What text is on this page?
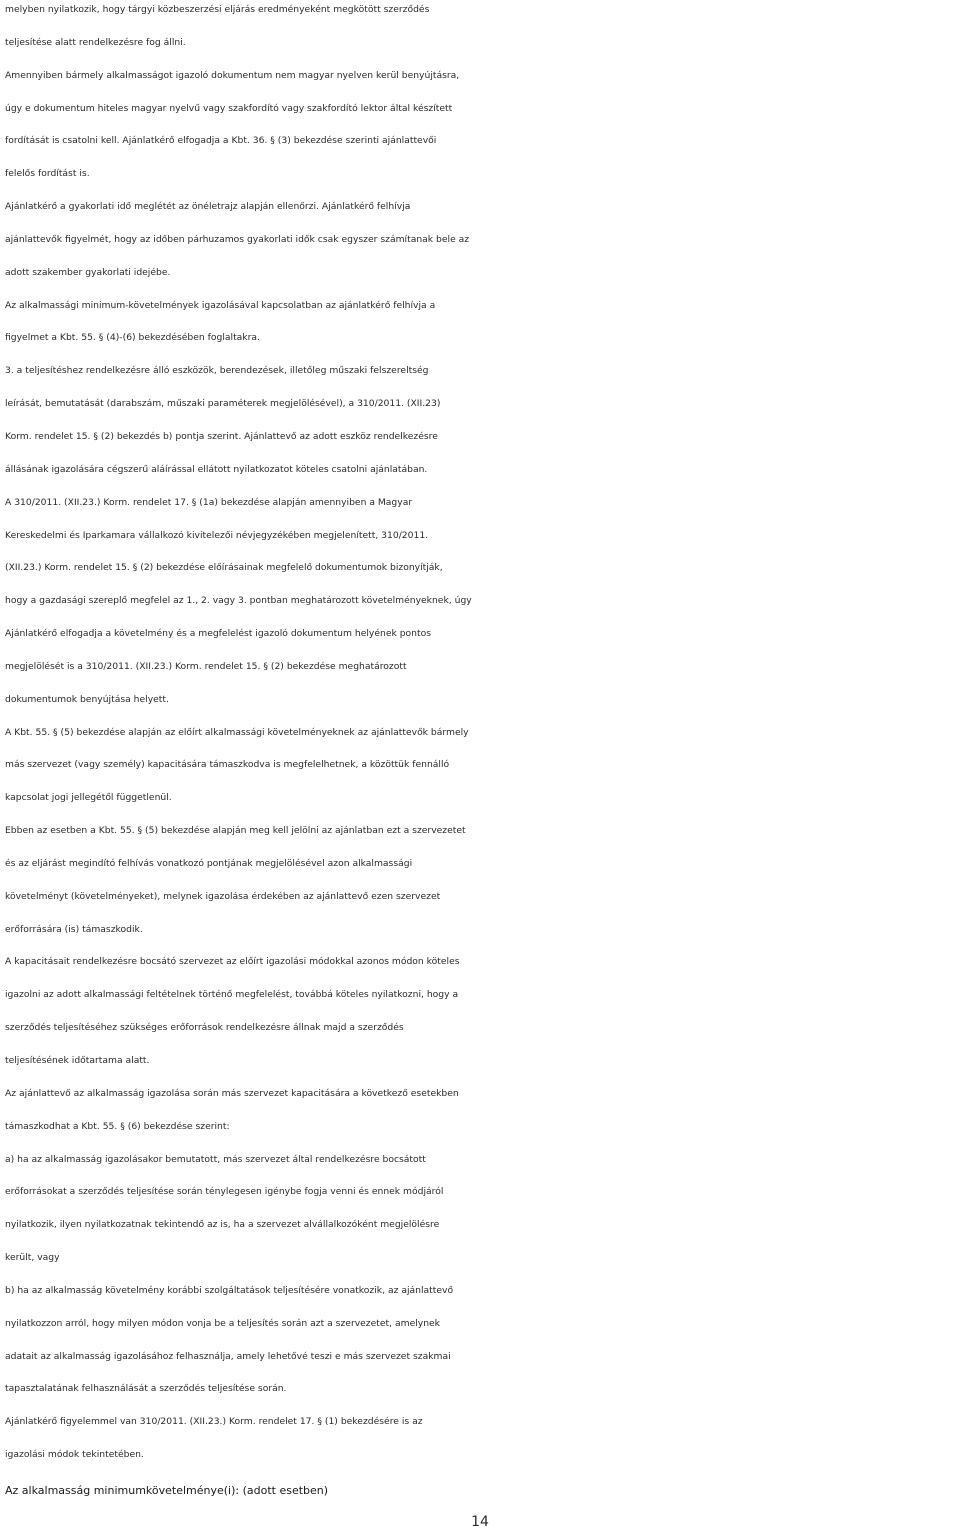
melyben nyilatkozik, hogy tárgyi közbeszerzési eljárás eredményeként megkötött szerződés
teljesítése alatt rendelkezésre fog állni.
Amennyiben bármely alkalmasságot igazoló dokumentum nem magyar nyelven kerül benyújtásra,
úgy e dokumentum hiteles magyar nyelvű vagy szakfordító vagy szakfordító lektor által készített
fordítását is csatolni kell. Ajánlatkérő elfogadja a Kbt. 36. § (3) bekezdése szerinti ajánlattevői
felelős fordítást is.
Ajánlatkérő a gyakorlati idő meglétét az önéletrajz alapján ellenőrzi. Ajánlatkérő felhívja
ajánlattevők figyelmét, hogy az időben párhuzamos gyakorlati idők csak egyszer számítanak bele az
adott szakember gyakorlati idejébe.
Az alkalmassági minimum-követelmények igazolásával kapcsolatban az ajánlatkérő felhívja a
figyelmet a Kbt. 55. § (4)-(6) bekezdésében foglaltakra.
3. a teljesítéshez rendelkezésre álló eszközök, berendezések, illetőleg műszaki felszereltség
leírását, bemutatását (darabszám, műszaki paraméterek megjelölésével), a 310/2011. (XII.23)
Korm. rendelet 15. § (2) bekezdés b) pontja szerint. Ajánlattevő az adott eszköz rendelkezésre
állásának igazolására cégszerű aláírással ellátott nyilatkozatot köteles csatolni ajánlatában.
A 310/2011. (XII.23.) Korm. rendelet 17. § (1a) bekezdése alapján amennyiben a Magyar
Kereskedelmi és Iparkamara vállalkozó kivitelezői névjegyzékében megjelenített, 310/2011.
(XII.23.) Korm. rendelet 15. § (2) bekezdése előírásainak megfelelő dokumentumok bizonyítják,
hogy a gazdasági szereplő megfelel az 1., 2. vagy 3. pontban meghatározott követelményeknek, úgy
Ajánlatkérő elfogadja a követelmény és a megfelelést igazoló dokumentum helyének pontos
megjelölését is a 310/2011. (XII.23.) Korm. rendelet 15. § (2) bekezdése meghatározott
dokumentumok benyújtása helyett.
A Kbt. 55. § (5) bekezdése alapján az előírt alkalmassági követelményeknek az ajánlattevők bármely
más szervezet (vagy személy) kapacitására támaszkodva is megfelelhetnek, a közöttük fennálló
kapcsolat jogi jellegétől függetlenül.
Ebben az esetben a Kbt. 55. § (5) bekezdése alapján meg kell jelölni az ajánlatban ezt a szervezetet
és az eljárást megindító felhívás vonatkozó pontjának megjelölésével azon alkalmassági
követelményt (követelményeket), melynek igazolása érdekében az ajánlattevő ezen szervezet
erőforrására (is) támaszkodik.
A kapacitásait rendelkezésre bocsátó szervezet az előírt igazolási módokkal azonos módon köteles
igazolni az adott alkalmassági feltételnek történő megfelelést, továbbá köteles nyilatkozni, hogy a
szerződés teljesítéséhez szükséges erőforrások rendelkezésre állnak majd a szerződés
teljesítésének időtartama alatt.
Az ajánlattevő az alkalmasság igazolása során más szervezet kapacitására a következő esetekben
támaszkodhat a Kbt. 55. § (6) bekezdése szerint:
a) ha az alkalmasság igazolásakor bemutatott, más szervezet által rendelkezésre bocsátott
erőforrásokat a szerződés teljesítése során ténylegesen igénybe fogja venni és ennek módjáról
nyilatkozik, ilyen nyilatkozatnak tekintendő az is, ha a szervezet alvállalkozóként megjelölésre
került, vagy
b) ha az alkalmasság követelmény korábbi szolgáltatások teljesítésére vonatkozik, az ajánlattevő
nyilatkozzon arról, hogy milyen módon vonja be a teljesítés során azt a szervezetet, amelynek
adatait az alkalmasság igazolásához felhasználja, amely lehetővé teszi e más szervezet szakmai
tapasztalatának felhasználását a szerződés teljesítése során.
Ajánlatkérő figyelemmel van 310/2011. (XII.23.) Korm. rendelet 17. § (1) bekezdésére is az
igazolási módok tekintetében.
Az alkalmasság minimumkövetelménye(i): (adott esetben)
14
